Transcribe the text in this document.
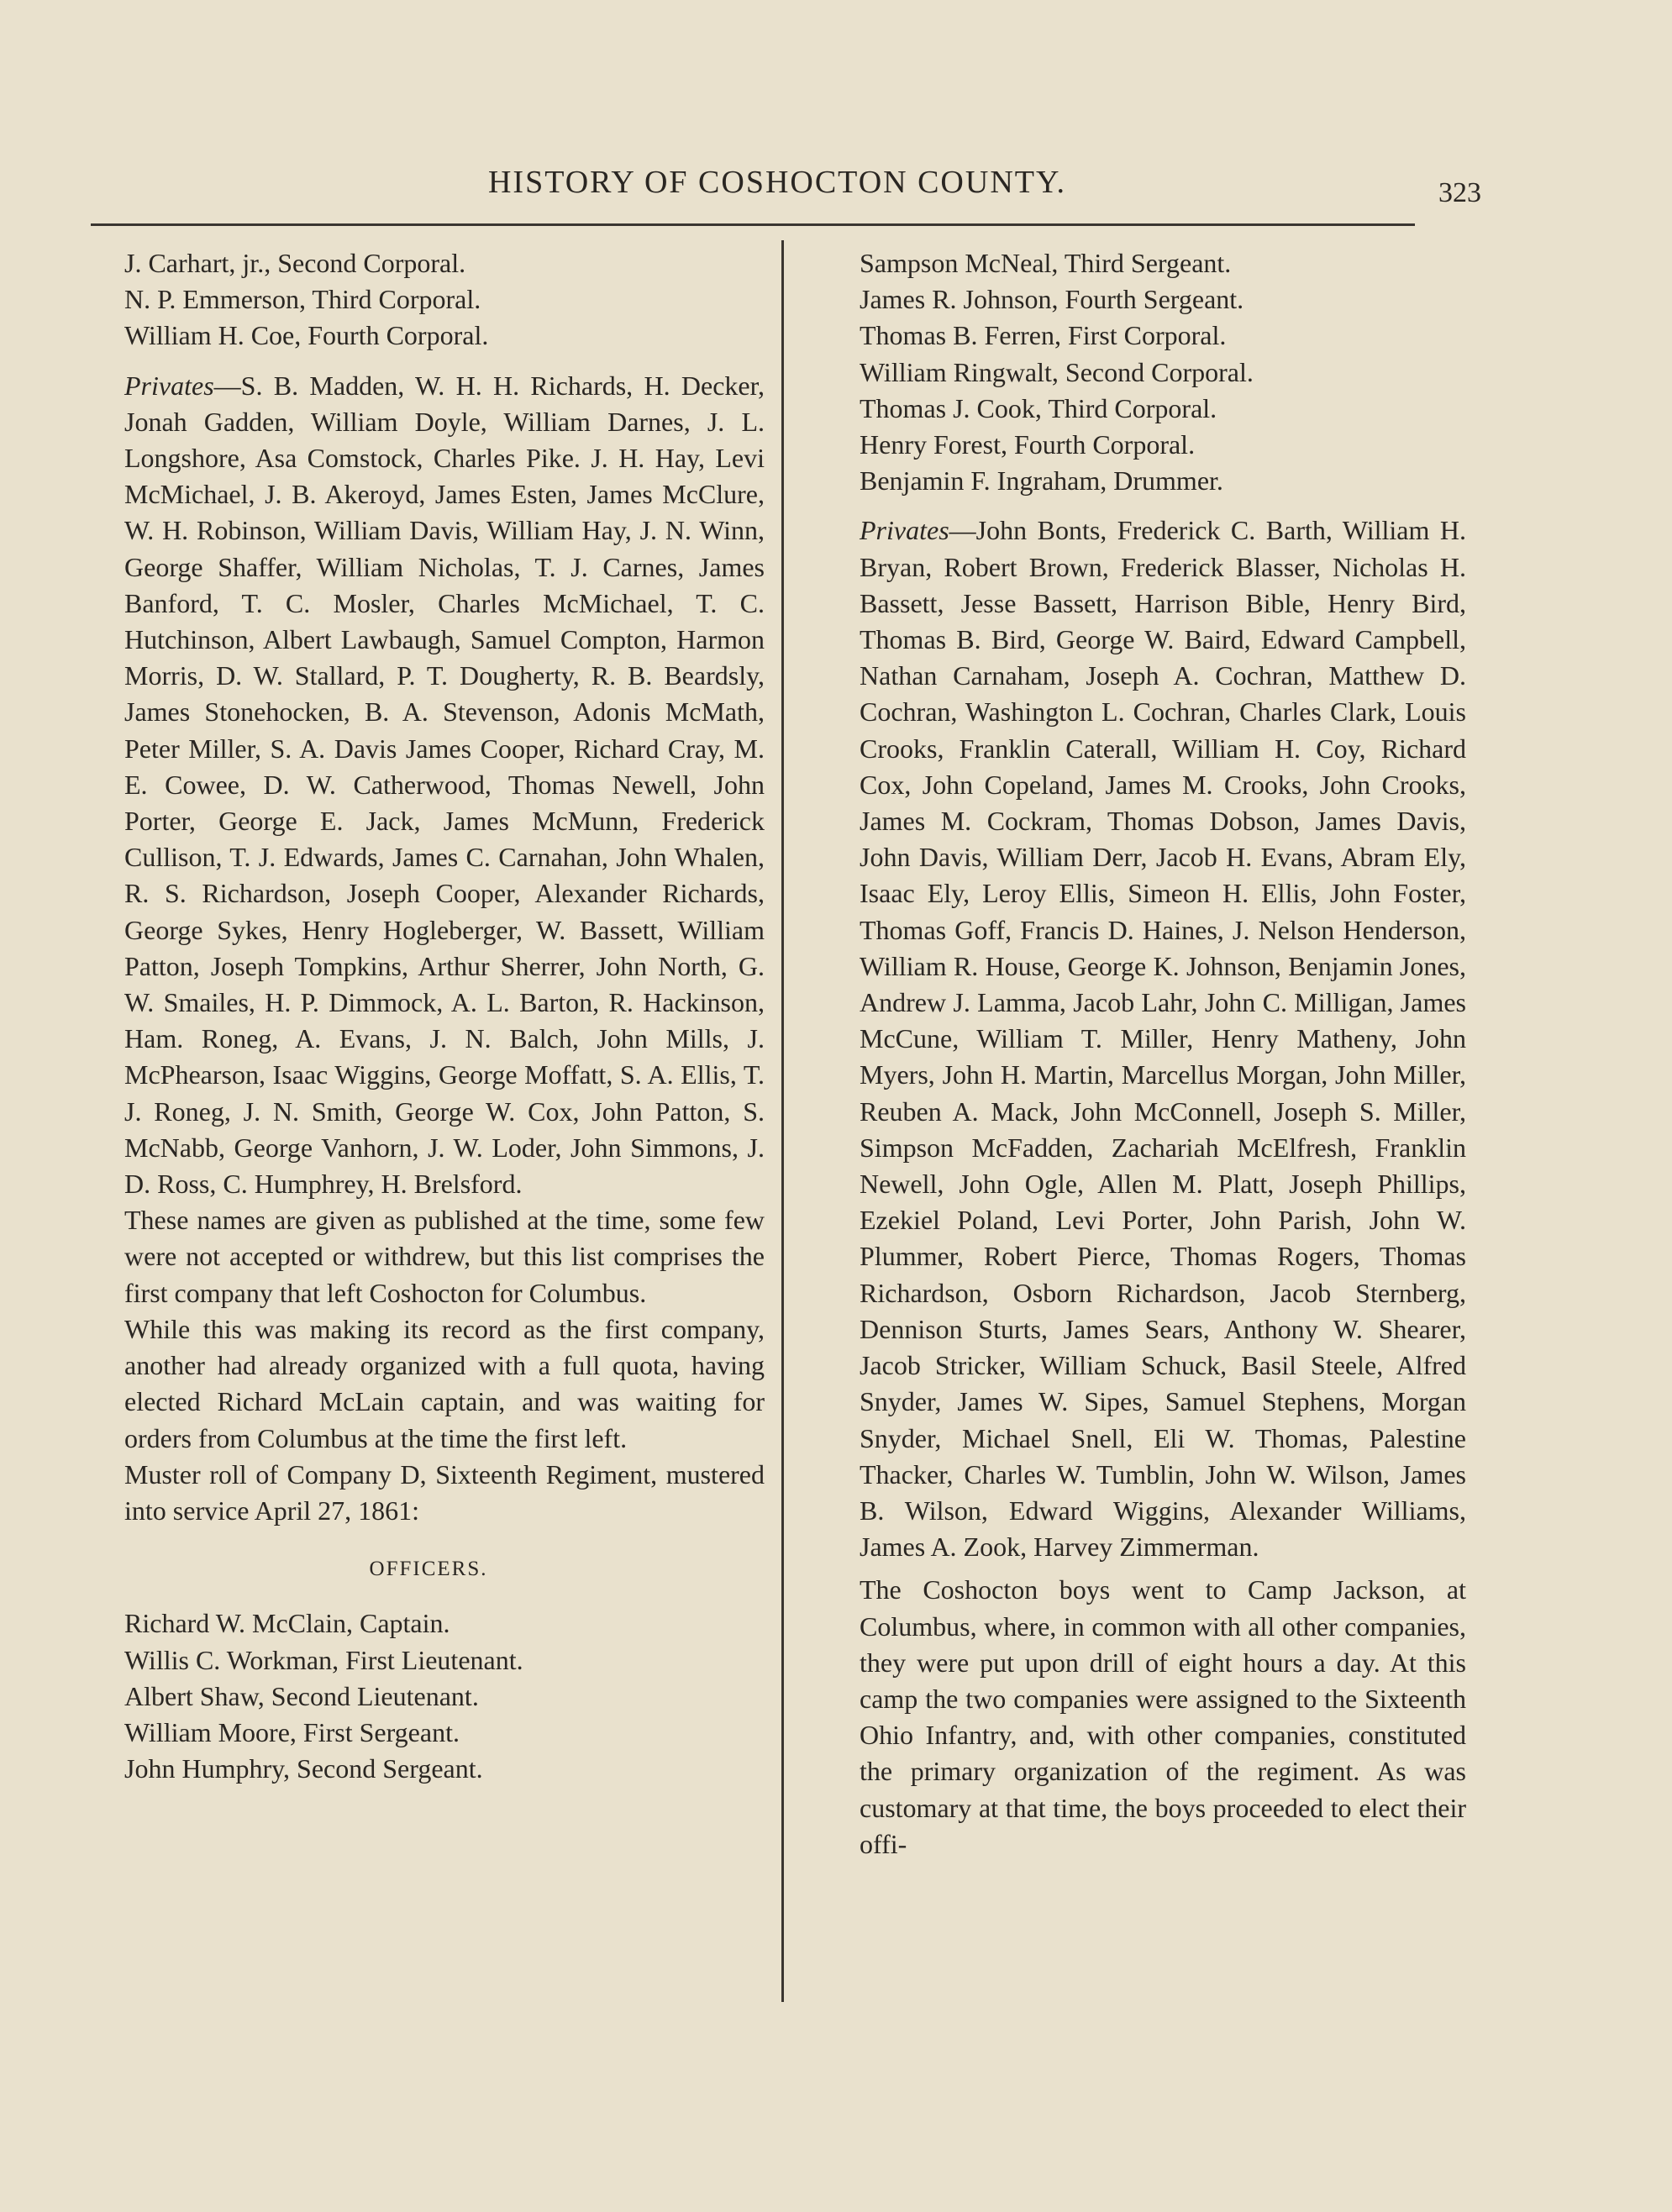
HISTORY OF COSHOCTON COUNTY.	323
J. Carhart, jr., Second Corporal.
N. P. Emmerson, Third Corporal.
William H. Coe, Fourth Corporal.

Privates—S. B. Madden, W. H. H. Richards, H. Decker, Jonah Gadden, William Doyle, William Darnes, J. L. Longshore, Asa Comstock, Charles Pike. J. H. Hay, Levi McMichael, J. B. Akeroyd, James Esten, James McClure, W. H. Robinson, William Davis, William Hay, J. N. Winn, George Shaffer, William Nicholas, T. J. Carnes, James Banford, T. C. Mosler, Charles McMichael, T. C. Hutchinson, Albert Lawbaugh, Samuel Compton, Harmon Morris, D. W. Stallard, P. T. Dougherty, R. B. Beardsly, James Stonehocken, B. A. Stevenson, Adonis McMath, Peter Miller, S. A. Davis James Cooper, Richard Cray, M. E. Cowee, D. W. Catherwood, Thomas Newell, John Porter, George E. Jack, James McMunn, Frederick Cullison, T. J. Edwards, James C. Carnahan, John Whalen, R. S. Richardson, Joseph Cooper, Alexander Richards, George Sykes, Henry Hogleberger, W. Bassett, William Patton, Joseph Tompkins, Arthur Sherrer, John North, G. W. Smailes, H. P. Dimmock, A. L. Barton, R. Hackinson, Ham. Roneg, A. Evans, J. N. Balch, John Mills, J. McPhearson, Isaac Wiggins, George Moffatt, S. A. Ellis, T. J. Roneg, J. N. Smith, George W. Cox, John Patton, S. McNabb, George Vanhorn, J. W. Loder, John Simmons, J. D. Ross, C. Humphrey, H. Brelsford.

These names are given as published at the time, some few were not accepted or withdrew, but this list comprises the first company that left Coshocton for Columbus.

While this was making its record as the first company, another had already organized with a full quota, having elected Richard McLain captain, and was waiting for orders from Columbus at the time the first left.

Muster roll of Company D, Sixteenth Regiment, mustered into service April 27, 1861:

OFFICERS.
Richard W. McClain, Captain.
Willis C. Workman, First Lieutenant.
Albert Shaw, Second Lieutenant.
William Moore, First Sergeant.
John Humphry, Second Sergeant.
Sampson McNeal, Third Sergeant.
James R. Johnson, Fourth Sergeant.
Thomas B. Ferren, First Corporal.
William Ringwalt, Second Corporal.
Thomas J. Cook, Third Corporal.
Henry Forest, Fourth Corporal.
Benjamin F. Ingraham, Drummer.

Privates—John Bonts, Frederick C. Barth, William H. Bryan, Robert Brown, Frederick Blasser, Nicholas H. Bassett, Jesse Bassett, Harrison Bible, Henry Bird, Thomas B. Bird, George W. Baird, Edward Campbell, Nathan Carnaham, Joseph A. Cochran, Matthew D. Cochran, Washington L. Cochran, Charles Clark, Louis Crooks, Franklin Caterall, William H. Coy, Richard Cox, John Copeland, James M. Crooks, John Crooks, James M. Cockram, Thomas Dobson, James Davis, John Davis, William Derr, Jacob H. Evans, Abram Ely, Isaac Ely, Leroy Ellis, Simeon H. Ellis, John Foster, Thomas Goff, Francis D. Haines, J. Nelson Henderson, William R. House, George K. Johnson, Benjamin Jones, Andrew J. Lamma, Jacob Lahr, John C. Milligan, James McCune, William T. Miller, Henry Matheny, John Myers, John H. Martin, Marcellus Morgan, John Miller, Reuben A. Mack, John McConnell, Joseph S. Miller, Simpson McFadden, Zachariah McElfresh, Franklin Newell, John Ogle, Allen M. Platt, Joseph Phillips, Ezekiel Poland, Levi Porter, John Parish, John W. Plummer, Robert Pierce, Thomas Rogers, Thomas Richardson, Osborn Richardson, Jacob Sternberg, Dennison Sturts, James Sears, Anthony W. Shearer, Jacob Stricker, William Schuck, Basil Steele, Alfred Snyder, James W. Sipes, Samuel Stephens, Morgan Snyder, Michael Snell, Eli W. Thomas, Palestine Thacker, Charles W. Tumblin, John W. Wilson, James B. Wilson, Edward Wiggins, Alexander Williams, James A. Zook, Harvey Zimmerman.

The Coshocton boys went to Camp Jackson, at Columbus, where, in common with all other companies, they were put upon drill of eight hours a day. At this camp the two companies were assigned to the Sixteenth Ohio Infantry, and, with other companies, constituted the primary organization of the regiment. As was customary at that time, the boys proceeded to elect their offi-
